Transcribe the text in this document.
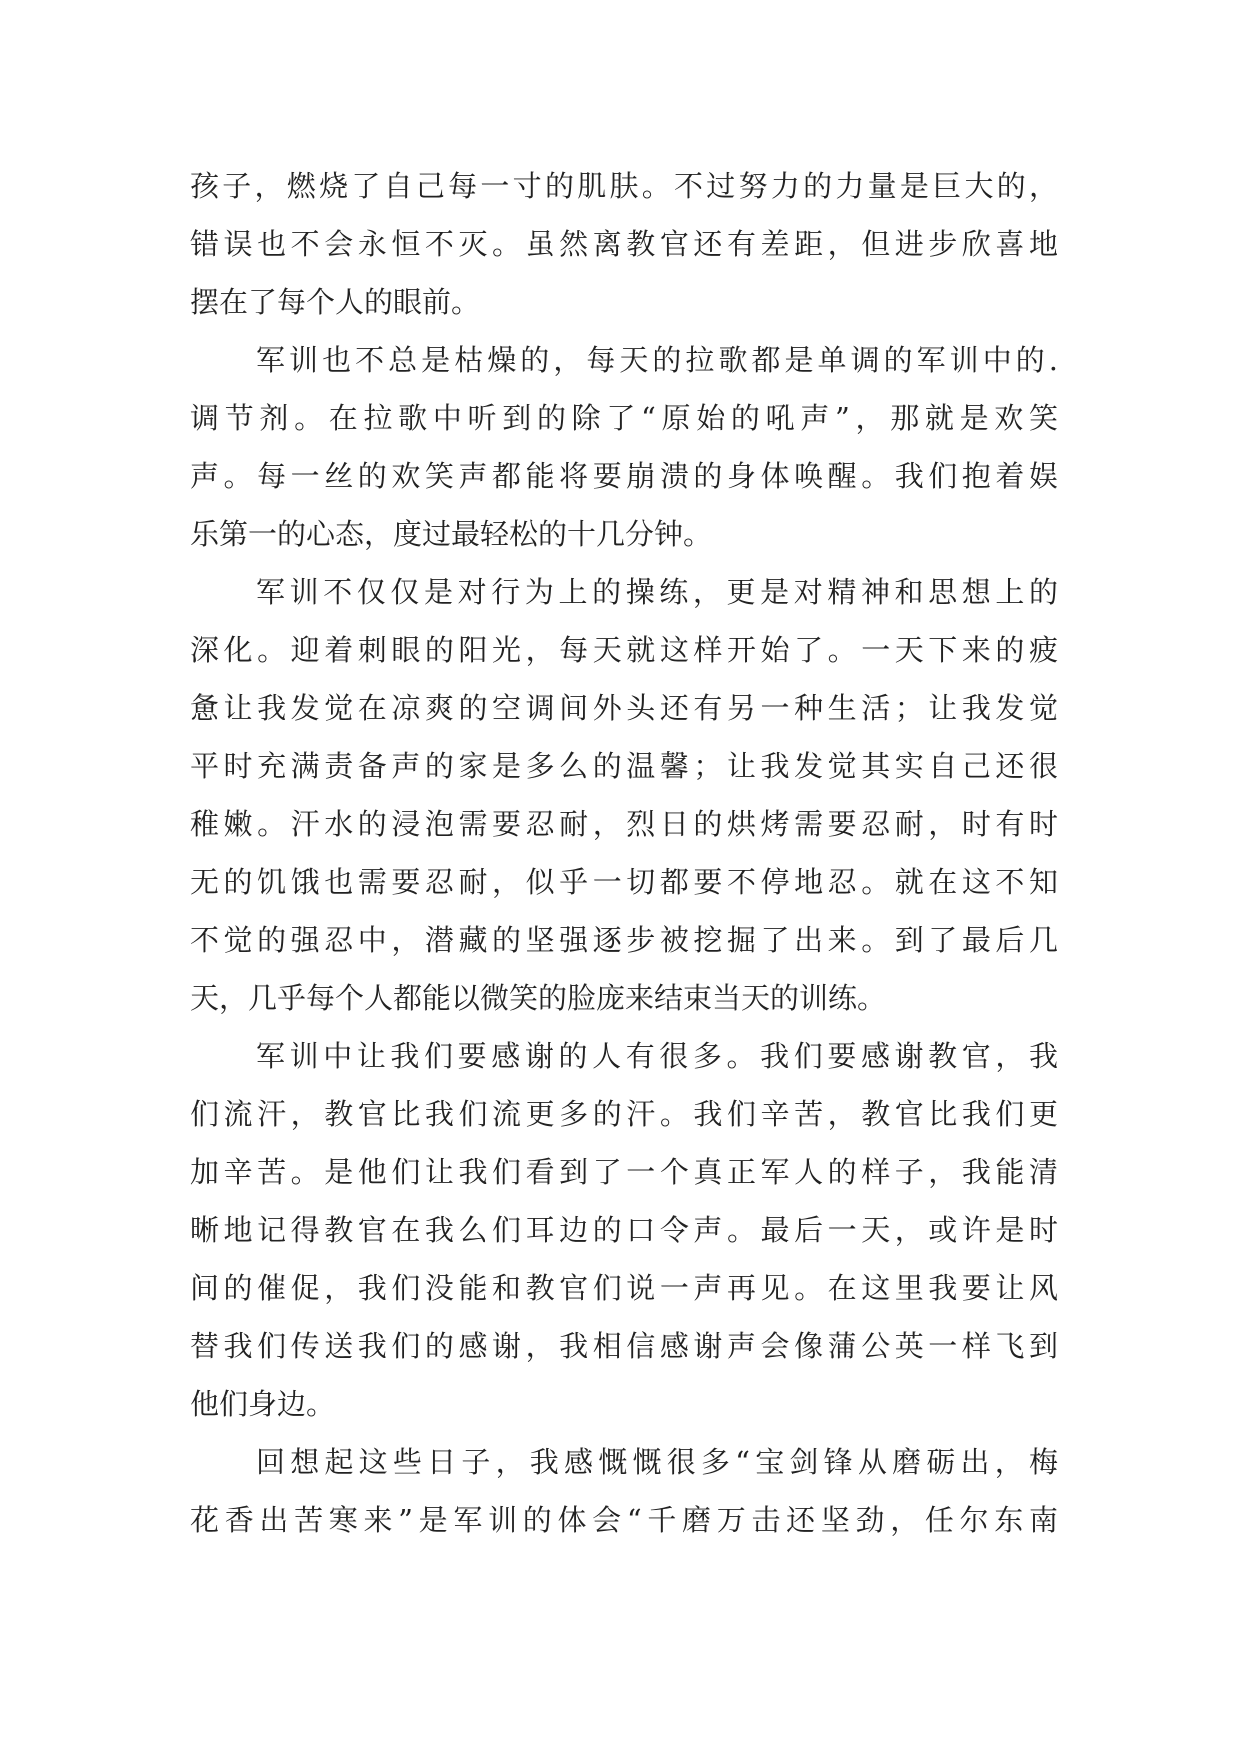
孩子，燃烧了自己每一寸的肌肤。不过努力的力量是巨大的，
错误也不会永恒不灭。虽然离教官还有差距，但进步欣喜地
摆在了每个人的眼前。
军训也不总是枯燥的，每天的拉歌都是单调的军训中的.
调节剂。在拉歌中听到的除了“原始的吼声”，那就是欢笑
声。每一丝的欢笑声都能将要崩溃的身体唤醒。我们抱着娱
乐第一的心态，度过最轻松的十几分钟。
军训不仅仅是对行为上的操练，更是对精神和思想上的
深化。迎着刺眼的阳光，每天就这样开始了。一天下来的疲
惫让我发觉在凉爽的空调间外头还有另一种生活；让我发觉
平时充满责备声的家是多么的温馨；让我发觉其实自己还很
稚嫩。汗水的浸泡需要忍耐，烈日的烘烤需要忍耐，时有时
无的饥饿也需要忍耐，似乎一切都要不停地忍。就在这不知
不觉的强忍中，潜藏的坚强逐步被挖掘了出来。到了最后几
天，几乎每个人都能以微笑的脸庞来结束当天的训练。
军训中让我们要感谢的人有很多。我们要感谢教官，我
们流汗，教官比我们流更多的汗。我们辛苦，教官比我们更
加辛苦。是他们让我们看到了一个真正军人的样子，我能清
晰地记得教官在我么们耳边的口令声。最后一天，或许是时
间的催促，我们没能和教官们说一声再见。在这里我要让风
替我们传送我们的感谢，我相信感谢声会像蒲公英一样飞到
他们身边。
回想起这些日子，我感慨慨很多“宝剑锋从磨砺出，梅
花香出苦寒来”是军训的体会“千磨万击还坚劲，任尔东南
